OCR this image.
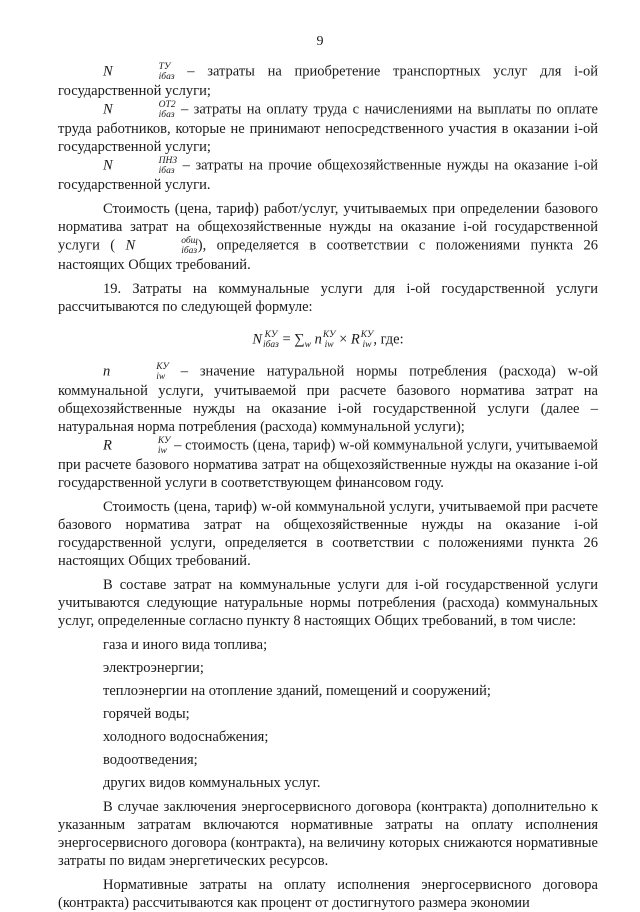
9

N	ТУ
iбаз – затраты на приобретение транспортных услуг для i-ой государственной услуги;

N	ОТ2
iбаз – затраты на оплату труда с начислениями на выплаты по оплате труда работников, которые не принимают непосредственного участия в оказании i-ой государственной услуги;

N	ПНЗ
iбаз – затраты на прочие общехозяйственные нужды на оказание i-ой государственной услуги.

Стоимость (цена, тариф) работ/услуг, учитываемых при определении базового норматива затрат на общехозяйственные нужды на оказание i-ой государственной услуги ( N	общ
iбаз ), определяется в соответствии с положениями пункта 26 настоящих Общих требований.

19. Затраты на коммунальные услуги для i-ой государственной услуги рассчитываются по следующей формуле:

N КУ
iбаз = $\sum_w$ n КУ
iw × R КУ
iw , где:

n	КУ
iw – значение натуральной нормы потребления (расхода) w-ой коммунальной услуги, учитываемой при расчете базового норматива затрат на общехозяйственные нужды на оказание i-ой государственной услуги (далее – натуральная норма потребления (расхода) коммунальной услуги);

R	КУ
iw – стоимость (цена, тариф) w-ой коммунальной услуги, учитываемой при расчете базового норматива затрат на общехозяйственные нужды на оказание i-ой государственной услуги в соответствующем финансовом году.

Стоимость (цена, тариф) w-ой коммунальной услуги, учитываемой при расчете базового норматива затрат на общехозяйственные нужды на оказание i-ой государственной услуги, определяется в соответствии с положениями пункта 26 настоящих Общих требований.

В составе затрат на коммунальные услуги для i-ой государственной услуги учитываются следующие натуральные нормы потребления (расхода) коммунальных услуг, определенные согласно пункту 8 настоящих Общих требований, в том числе:

газа и иного вида топлива;

электроэнергии;

теплоэнергии на отопление зданий, помещений и сооружений;

горячей воды;

холодного водоснабжения;

водоотведения;

других видов коммунальных услуг.

В случае заключения энергосервисного договора (контракта) дополнительно к указанным затратам включаются нормативные затраты на оплату исполнения энергосервисного договора (контракта), на величину которых снижаются нормативные затраты по видам энергетических ресурсов.

Нормативные затраты на оплату исполнения энергосервисного договора (контракта) рассчитываются как процент от достигнутого размера экономии
